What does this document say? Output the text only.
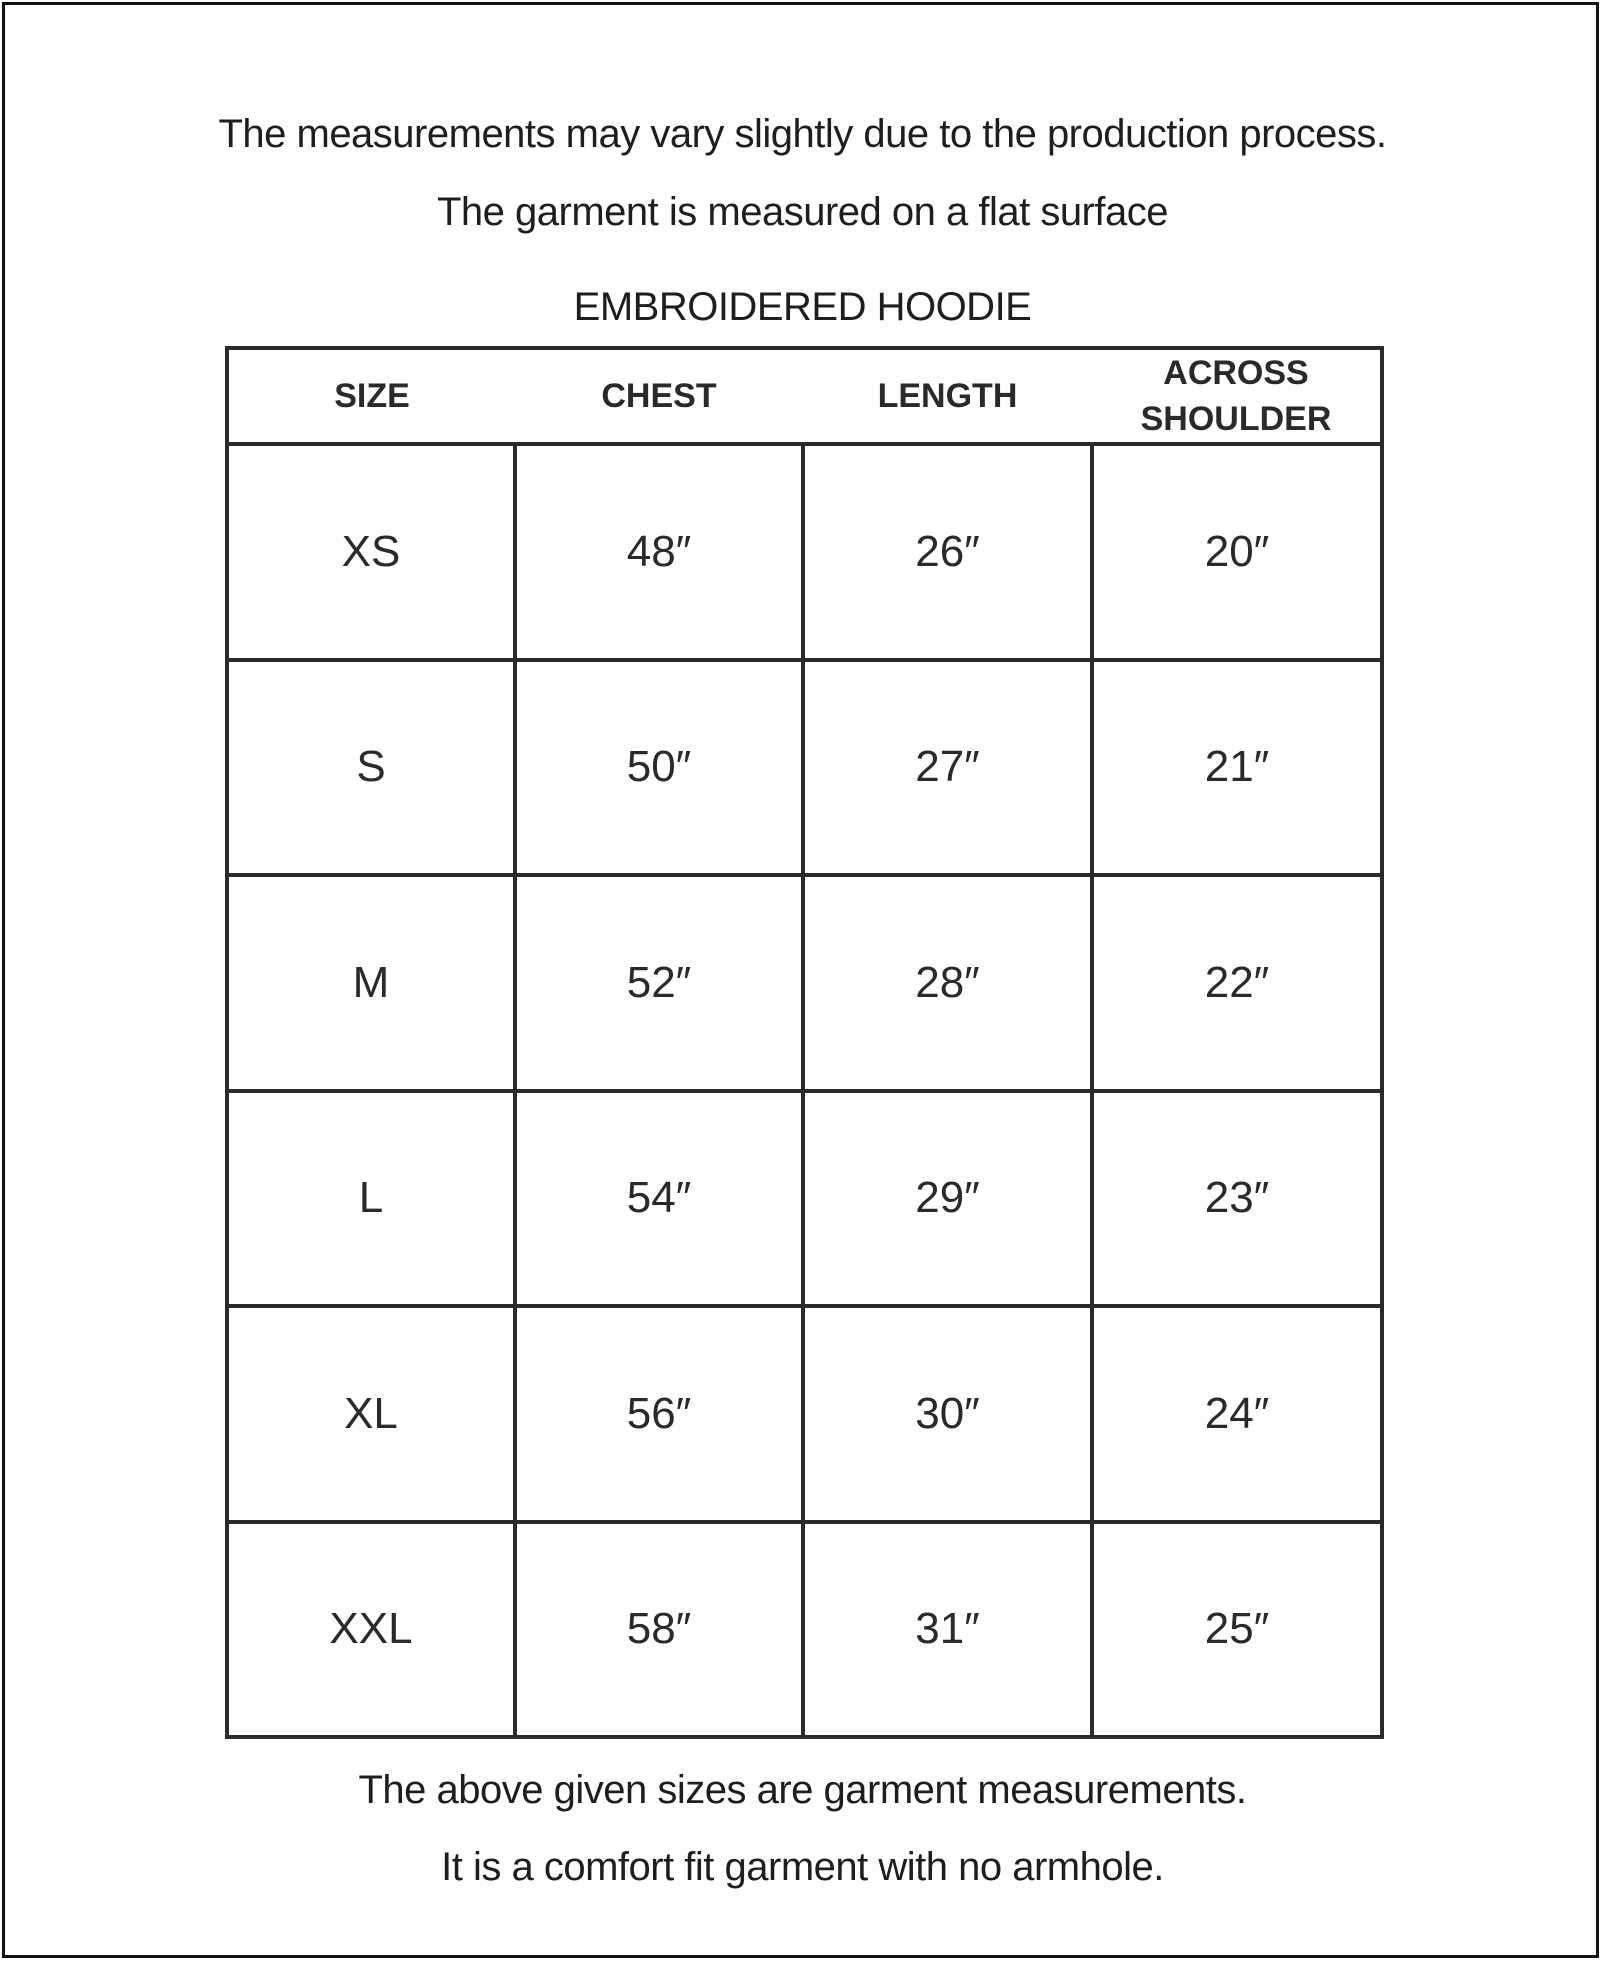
The measurements may vary slightly due to the production process.
The garment is measured on a flat surface
EMBROIDERED HOODIE
SIZE	CHEST	LENGTH	ACROSS
SHOULDER

XS	48″	26″	20″
S	50″	27″	21″
M	52″	28″	22″
L	54″	29″	23″
XL	56″	30″	24″
XXL	58″	31″	25″
The above given sizes are garment measurements.
It is a comfort fit garment with no armhole.
